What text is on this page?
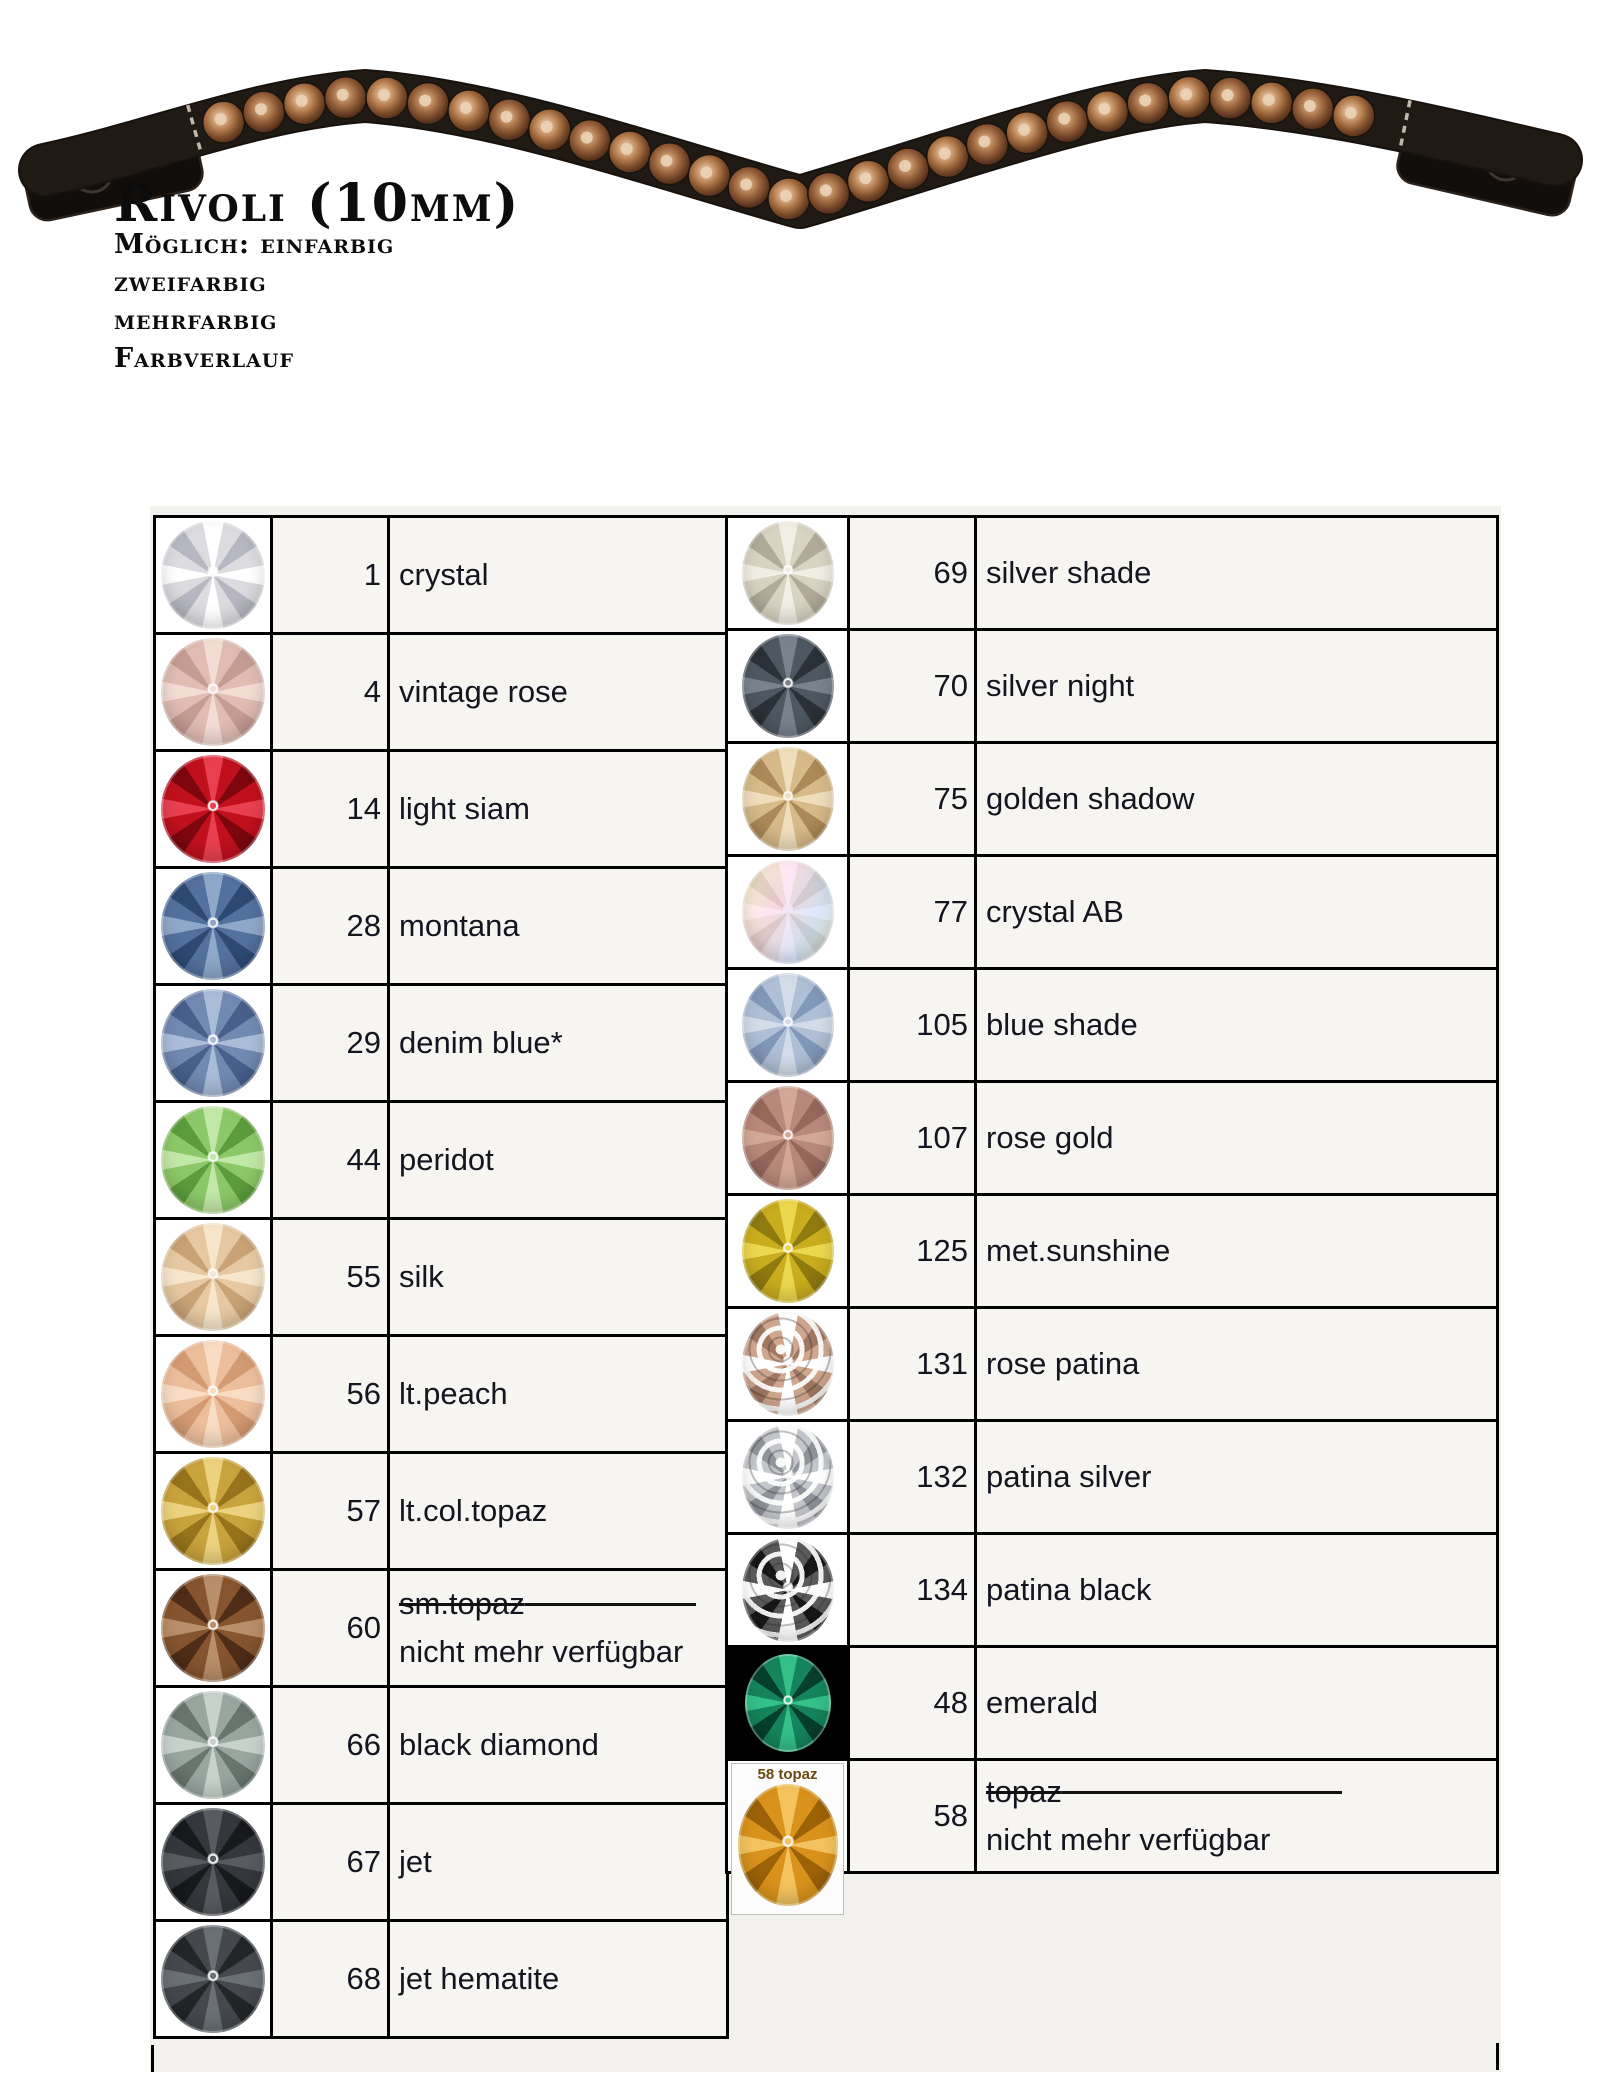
Rivoli (10mm)
Möglich: einfarbig
zweifarbig
mehrfarbig
Farbverlauf
1 crystal
4 vintage rose
14 light siam
28 montana
29 denim blue*
44 peridot
55 silk
56 lt.peach
57 lt.col.topaz
60
sm.topaz
nicht mehr verfügbar
66 black diamond
67 jet
68 jet hematite
69 silver shade
70 silver night
75 golden shadow
77 crystal AB
105 blue shade
107 rose gold
125 met.sunshine
131 rose patina
132 patina silver
134 patina black
48 emerald
58 topaz
58
topaz
nicht mehr verfügbar
